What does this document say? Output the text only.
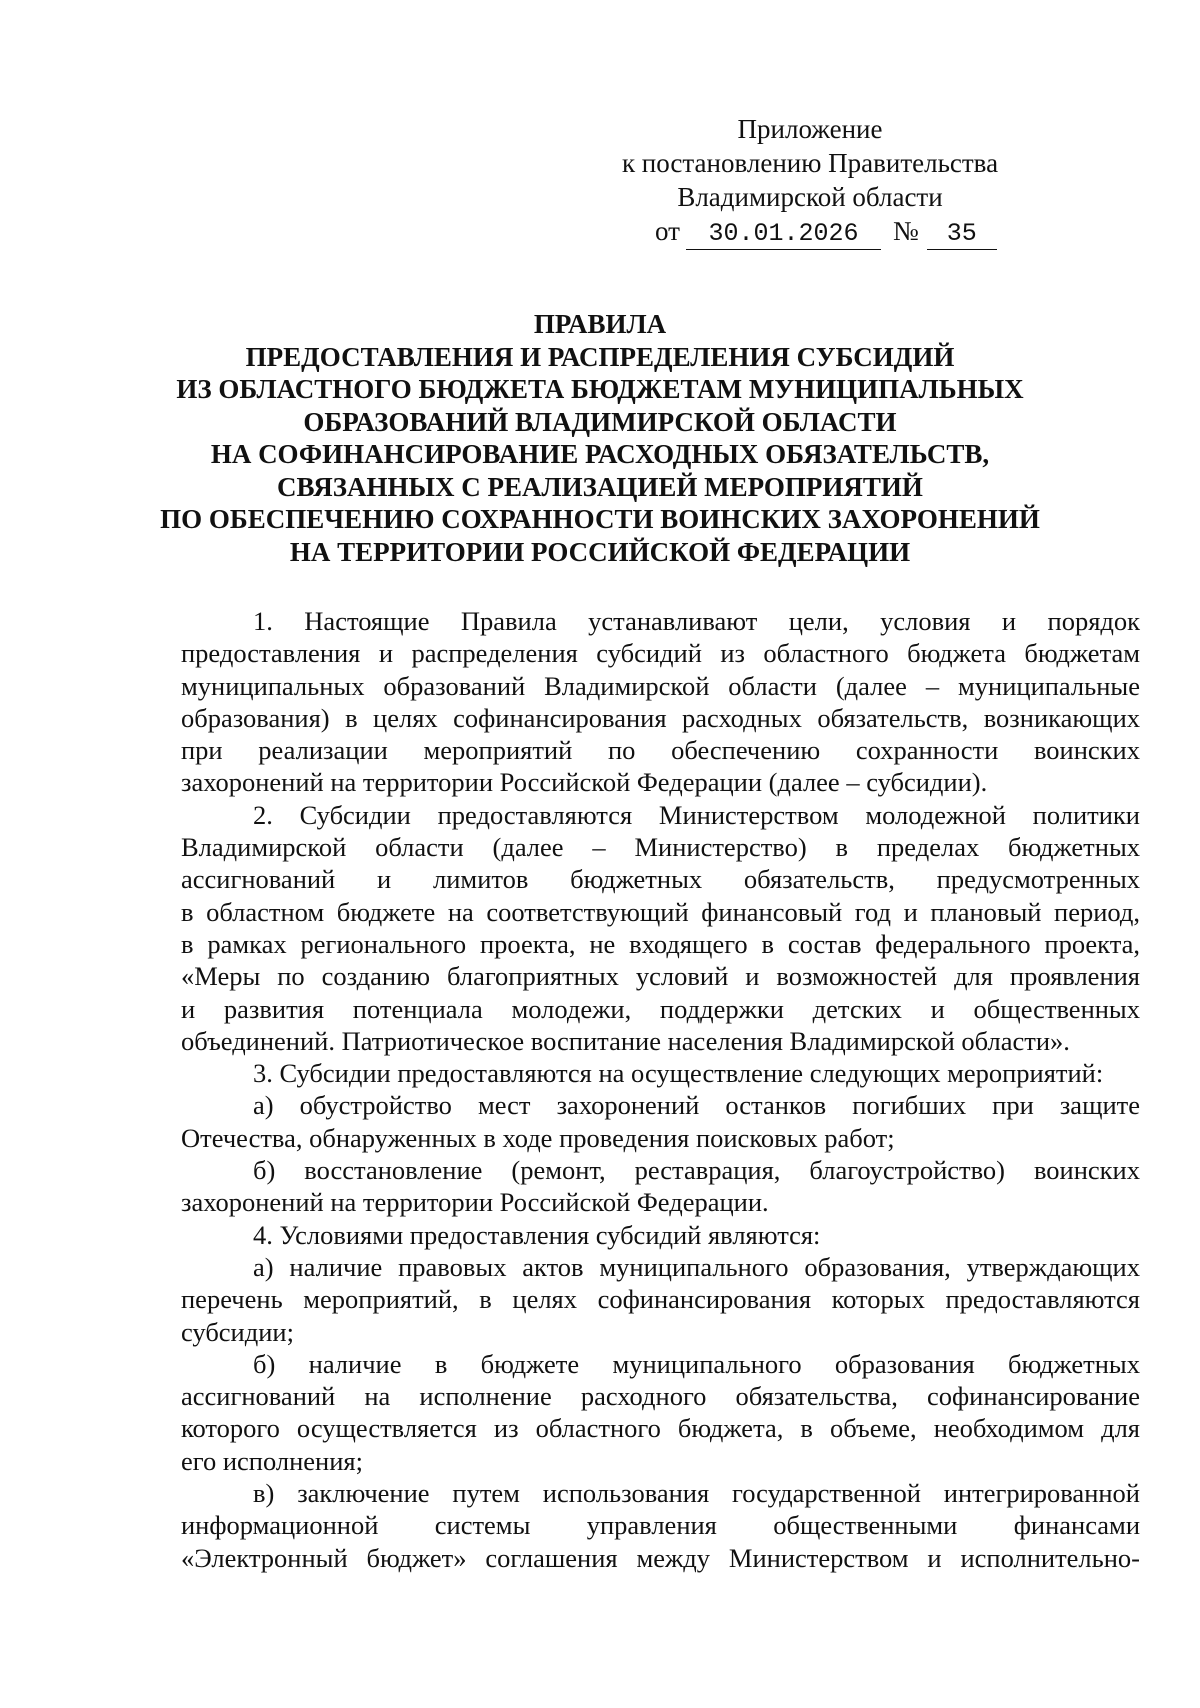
Приложение
к постановлению Правительства
Владимирской области
от 30.01.2026 № 35
ПРАВИЛА
ПРЕДОСТАВЛЕНИЯ И РАСПРЕДЕЛЕНИЯ СУБСИДИЙ
ИЗ ОБЛАСТНОГО БЮДЖЕТА БЮДЖЕТАМ МУНИЦИПАЛЬНЫХ
ОБРАЗОВАНИЙ ВЛАДИМИРСКОЙ ОБЛАСТИ
НА СОФИНАНСИРОВАНИЕ РАСХОДНЫХ ОБЯЗАТЕЛЬСТВ,
СВЯЗАННЫХ С РЕАЛИЗАЦИЕЙ МЕРОПРИЯТИЙ
ПО ОБЕСПЕЧЕНИЮ СОХРАННОСТИ ВОИНСКИХ ЗАХОРОНЕНИЙ
НА ТЕРРИТОРИИ РОССИЙСКОЙ ФЕДЕРАЦИИ
1. Настоящие Правила устанавливают цели, условия и порядок
предоставления и распределения субсидий из областного бюджета бюджетам
муниципальных образований Владимирской области (далее – муниципальные
образования) в целях софинансирования расходных обязательств, возникающих
при реализации мероприятий по обеспечению сохранности воинских
захоронений на территории Российской Федерации (далее – субсидии).
2. Субсидии предоставляются Министерством молодежной политики
Владимирской области (далее – Министерство) в пределах бюджетных
ассигнований и лимитов бюджетных обязательств, предусмотренных
в областном бюджете на соответствующий финансовый год и плановый период,
в рамках регионального проекта, не входящего в состав федерального проекта,
«Меры по созданию благоприятных условий и возможностей для проявления
и развития потенциала молодежи, поддержки детских и общественных
объединений. Патриотическое воспитание населения Владимирской области».
3. Субсидии предоставляются на осуществление следующих мероприятий:
а) обустройство мест захоронений останков погибших при защите
Отечества, обнаруженных в ходе проведения поисковых работ;
б) восстановление (ремонт, реставрация, благоустройство) воинских
захоронений на территории Российской Федерации.
4. Условиями предоставления субсидий являются:
а) наличие правовых актов муниципального образования, утверждающих
перечень мероприятий, в целях софинансирования которых предоставляются
субсидии;
б) наличие в бюджете муниципального образования бюджетных
ассигнований на исполнение расходного обязательства, софинансирование
которого осуществляется из областного бюджета, в объеме, необходимом для
его исполнения;
в) заключение путем использования государственной интегрированной
информационной системы управления общественными финансами
«Электронный бюджет» соглашения между Министерством и исполнительно-
